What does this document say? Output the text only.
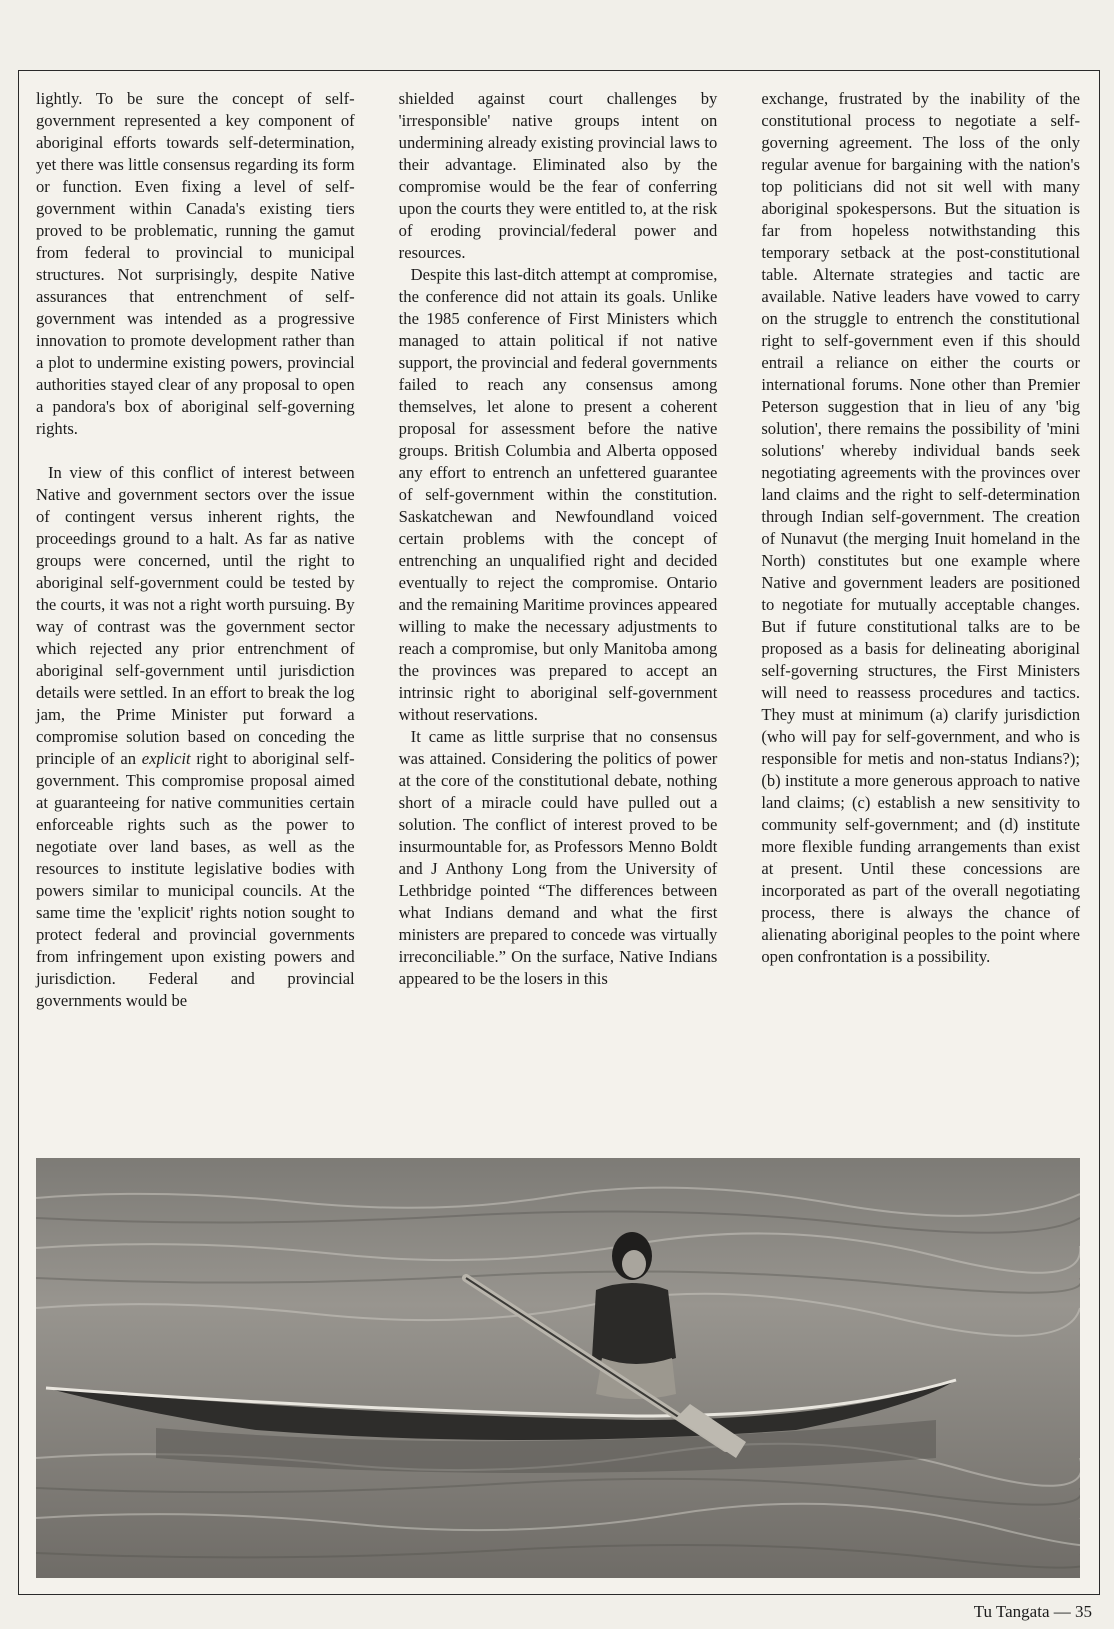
lightly. To be sure the concept of self-government represented a key component of aboriginal efforts towards self-determination, yet there was little consensus regarding its form or function. Even fixing a level of self-government within Canada's existing tiers proved to be problematic, running the gamut from federal to provincial to municipal structures. Not surprisingly, despite Native assurances that entrenchment of self-government was intended as a progressive innovation to promote development rather than a plot to undermine existing powers, provincial authorities stayed clear of any proposal to open a pandora's box of aboriginal self-governing rights.

In view of this conflict of interest between Native and government sectors over the issue of contingent versus inherent rights, the proceedings ground to a halt. As far as native groups were concerned, until the right to aboriginal self-government could be tested by the courts, it was not a right worth pursuing. By way of contrast was the government sector which rejected any prior entrenchment of aboriginal self-government until jurisdiction details were settled. In an effort to break the log jam, the Prime Minister put forward a compromise solution based on conceding the principle of an explicit right to aboriginal self-government. This compromise proposal aimed at guaranteeing for native communities certain enforceable rights such as the power to negotiate over land bases, as well as the resources to institute legislative bodies with powers similar to municipal councils. At the same time the 'explicit' rights notion sought to protect federal and provincial governments from infringement upon existing powers and jurisdiction. Federal and provincial governments would be

shielded against court challenges by 'irresponsible' native groups intent on undermining already existing provincial laws to their advantage. Eliminated also by the compromise would be the fear of conferring upon the courts they were entitled to, at the risk of eroding provincial/federal power and resources.

Despite this last-ditch attempt at compromise, the conference did not attain its goals. Unlike the 1985 conference of First Ministers which managed to attain political if not native support, the provincial and federal governments failed to reach any consensus among themselves, let alone to present a coherent proposal for assessment before the native groups. British Columbia and Alberta opposed any effort to entrench an unfettered guarantee of self-government within the constitution. Saskatchewan and Newfoundland voiced certain problems with the concept of entrenching an unqualified right and decided eventually to reject the compromise. Ontario and the remaining Maritime provinces appeared willing to make the necessary adjustments to reach a compromise, but only Manitoba among the provinces was prepared to accept an intrinsic right to aboriginal self-government without reservations.

It came as little surprise that no consensus was attained. Considering the politics of power at the core of the constitutional debate, nothing short of a miracle could have pulled out a solution. The conflict of interest proved to be insurmountable for, as Professors Menno Boldt and J Anthony Long from the University of Lethbridge pointed “The differences between what Indians demand and what the first ministers are prepared to concede was virtually irreconciliable.” On the surface, Native Indians appeared to be the losers in this

exchange, frustrated by the inability of the constitutional process to negotiate a self-governing agreement. The loss of the only regular avenue for bargaining with the nation's top politicians did not sit well with many aboriginal spokespersons. But the situation is far from hopeless notwithstanding this temporary setback at the post-constitutional table. Alternate strategies and tactic are available. Native leaders have vowed to carry on the struggle to entrench the constitutional right to self-government even if this should entrail a reliance on either the courts or international forums. None other than Premier Peterson suggestion that in lieu of any 'big solution', there remains the possibility of 'mini solutions' whereby individual bands seek negotiating agreements with the provinces over land claims and the right to self-determination through Indian self-government. The creation of Nunavut (the merging Inuit homeland in the North) constitutes but one example where Native and government leaders are positioned to negotiate for mutually acceptable changes. But if future constitutional talks are to be proposed as a basis for delineating aboriginal self-governing structures, the First Ministers will need to reassess procedures and tactics. They must at minimum (a) clarify jurisdiction (who will pay for self-government, and who is responsible for metis and non-status Indians?); (b) institute a more generous approach to native land claims; (c) establish a new sensitivity to community self-government; and (d) institute more flexible funding arrangements than exist at present. Until these concessions are incorporated as part of the overall negotiating process, there is always the chance of alienating aboriginal peoples to the point where open confrontation is a possibility.

Tu Tangata — 35
